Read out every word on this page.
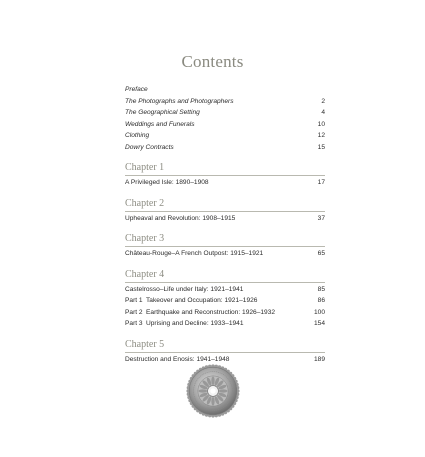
Contents
Preface
The Photographs and Photographers	2
The Geographical Setting	4
Weddings and Funerals	10
Clothing	12
Dowry Contracts	15
Chapter 1
A Privileged Isle: 1890–1908	17
Chapter 2
Upheaval and Revolution: 1908–1915	37
Chapter 3
Château-Rouge–A French Outpost: 1915–1921	65
Chapter 4
Castelrosso–Life under Italy: 1921–1941	85
Part 1 Takeover and Occupation: 1921–1926	86
Part 2 Earthquake and Reconstruction: 1926–1932	100
Part 3 Uprising and Decline: 1933–1941	154
Chapter 5
Destruction and Enosis: 1941–1948	189
